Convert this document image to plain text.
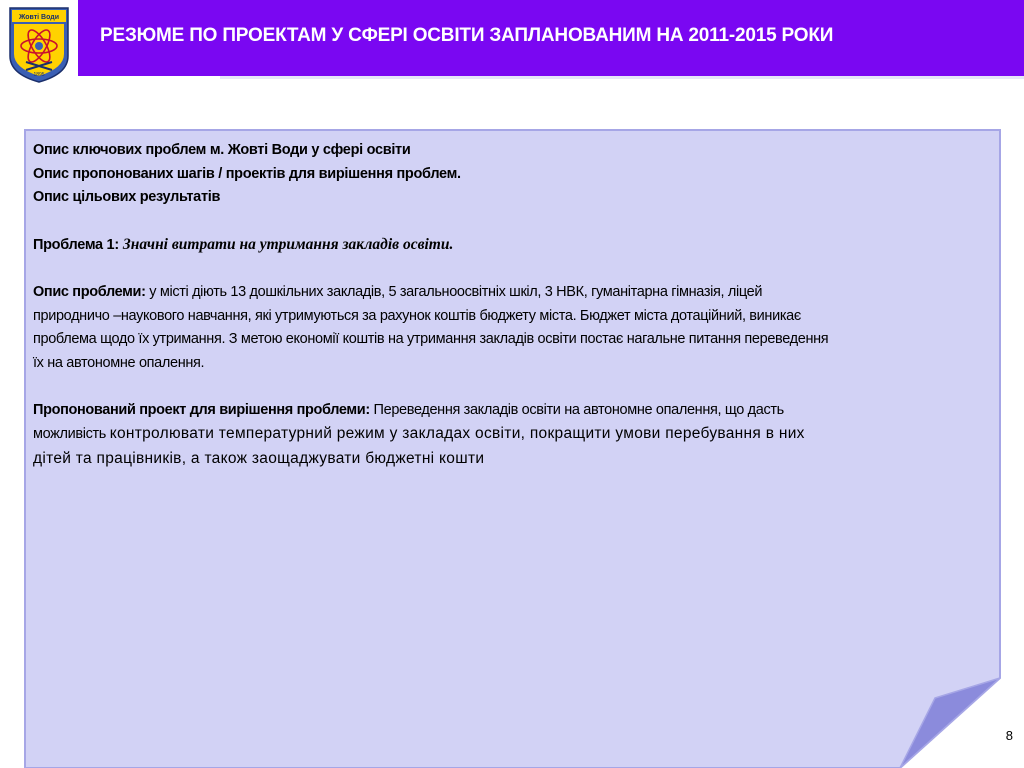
Жовті Води
1895
РЕЗЮМЕ ПО ПРОЕКТАМ У СФЕРІ ОСВІТИ ЗАПЛАНОВАНИМ НА 2011-2015 РОКИ
Опис ключових проблем м. Жовті Води у сфері освіти
Опис пропонованих шагів / проектів для вирішення проблем.
Опис цільових результатів
Проблема 1: Значні витрати на утримання закладів освіти.
Опис проблеми: у місті діють 13 дошкільних закладів, 5 загальноосвітніх шкіл, 3 НВК, гуманітарна гімназія, ліцей
природничо –наукового навчання, які утримуються за рахунок коштів бюджету міста. Бюджет міста дотаційний, виникає
проблема щодо їх утримання. З метою економії коштів на утримання закладів освіти постає нагальне питання переведення
їх на автономне опалення.
Пропонований проект для вирішення проблеми: Переведення закладів освіти на автономне опалення, що дасть
можливість контролювати температурний режим у закладах освіти, покращити умови перебування в них
дітей та працівників, а також заощаджувати бюджетні кошти
8
